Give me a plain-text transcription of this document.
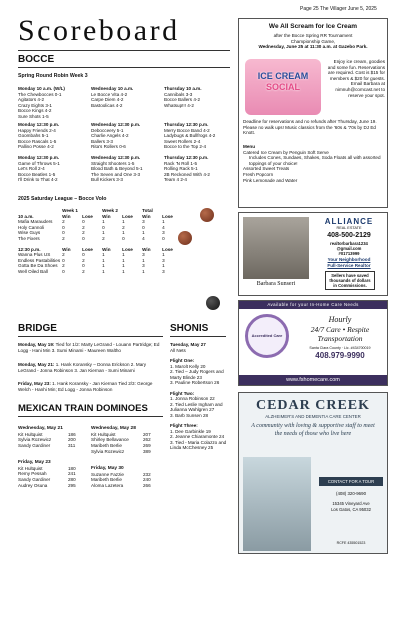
Page 25 The Villager June 5, 2025
Scoreboard
BOCCE
Spring Round Robin Week 3
Monday 10 a.m. (W/L)
The Chewbocces 0-1
Agitators 4-2
Crazy Eights 3-1
Bocce Kings 4-2
Sure Shots 1-5
Wednesday 10 a.m.
Le Bocce Vita 4-2
Carpe Diem 4-2
Bastoolicas 4-2
Thursday 10 a.m.
Cannibals 3-3
Bocce Ballers 4-2
Whatsup!!! 4-2
Monday 12:30 p.m.
Happy Friends 2-4
Goombahs 5-1
Bocce Rascals 1-5
Pallino Posse 4-2
Wednesday 12:30 p.m.
Debocceery 5-1
Charlie Angels 4-2
Ballers 3-3
Rita's Rollers 0-6
Thursday 12:30 p.m.
Merry Bocce Band 4-2
Ladybugs & Bullfrogs 4-2
Sweet Rollers 2-4
Bocce to the Top 2-4
Monday 12:30 p.m.
Game of Throws 5-1
Let's Roll 2-4
Bocce Beatles 1-5
I'll Drink to That 4-2
Wednesday 12:30 p.m.
Straight Shooters 1-5
Blood Bath & Beyond 5-1
The Seven and One 3-3
Bull Kickers 3-3
Thursday 12:30 p.m.
Rack 'N Roll 1-5
Rolling Rack 5-1
2B Reckoned With 4-2
Team 4 2-4
2025 Saturday League – Bocce Volo
	Week 1		Week 2		Total	
10 a.m.	Win	Lose	Win	Lose	Win	Lose
Mafia Marauders	2	0	1	1	3	1
Holy Cannoli	0	2	0	2	0	4
Wise Guys	0	2	1	1	1	3
The Fixers	2	0	2	0	4	0

12:30 p.m.	Win	Lose	Win	Lose	Win	Lose
Wanna Plus US	2	0	1	1	3	1
Endless Pastabilities	0	2	1	1	1	3
Gotta Be Da Shoes	2	0	1	1	3	1
Well Oiled Ball	0	2	1	1	1	3
BRIDGE
Monday, May 19: Tied for 1/2: Marty LeGrand - Louann Partridge; Ed Logg - Hani Min 3. Sumi Minami - Maureen Waltho
Monday, May 21: 1. Hank Koransky – Donna Erickson 2. Mary LeGrand - Jonna Robinson 3. Jan Kiernan - Sumi Minami
Friday, May 23: 1. Hank Koransky - Jan Kiernan Tied 2/3: George Welch - Hanhi Min; Ed Logg - Jonna Robinson
SHONIS
Tuesday, May 27
All Nets
Flight One:
1. Marolt Kelly 20
2. Tied – Judy Rogers and
Marty Blinde 23
3. Pauline Robertson 26
Flight Two:
1. Jonna Robinson 22
2. Tied Leslie Ingham and
Julianna Wahlgren 27
3. Barb Sunsen 28
Flight Three:
1. Dee Garbinkle 19
2. Jeanne Chiaramonte 24
3. Tied - Maria Colazzo and
Linda McChesney 25
MEXICAN TRAIN DOMINOES
Wednesday, May 21
Kit Hultquist	186
Sylvia Rozewicz	200
Sandy Gardiner	311
Wednesday, May 28
Kit Hultquist	207
Shirley Bellavance	262
Maribeth Berlie	269
Sylvia Rozewicz	389
Friday, May 23
Kit Hultquist	180
Remy Pessah	241
Sandy Gardiner	280
Audrey Osuna	295
Friday, May 30
Suzanne Fazzie	232
Maribeth Berlie	240
Aloma Lazetera	266
We All Scream for Ice Cream
after the Bocce Spring RR Tournament
Championship Game,
Wednesday, June 25 at 11:30 a.m. at Gazebo Park.
ICE CREAM
SOCIAL
Enjoy ice cream, goodies and some fun. Reservations are required. Cost is $15 for members & $20 for guests. Email Barbara at nimnuh@comcast.net to reserve your spot.
Deadline for reservations and no refunds after Thursday, June 19. Please no walk ups! Music classics from the '60s & '70s by DJ Ed Knott.
Menu
Catered Ice Cream by Penguin Soft Serve
Includes Cones, Sundaes, Shakes, Soda Floats all with assorted toppings of your choice!
Assorted Sweet Treats
Fresh Popcorn
Pink Lemonade and Water
Barbara Sunseri
ALLIANCE
REAL ESTATE
408-500-2129
realtorbarbara1234
@gmail.com
#01713999
Your Neighborhood
Full-Service Realtor
Sellers have saved thousands of dollars in Commissions.
Available for your In-Home Care Needs
Accredited Care
Hourly
24/7 Care • Respite
Transportation
Santa Clara County · Lic. #434700019
408.979-9990
www.fshomecare.com
CEDAR CREEK
ALZHEIMER'S AND DEMENTIA CARE CENTER
A community with loving & supportive staff to meet the needs of those who live here
CONTACT FOR A TOUR
(408) 320-9690
15345 Vineyard Ave
Los Gatos, CA 95032
RCFE 435501523
